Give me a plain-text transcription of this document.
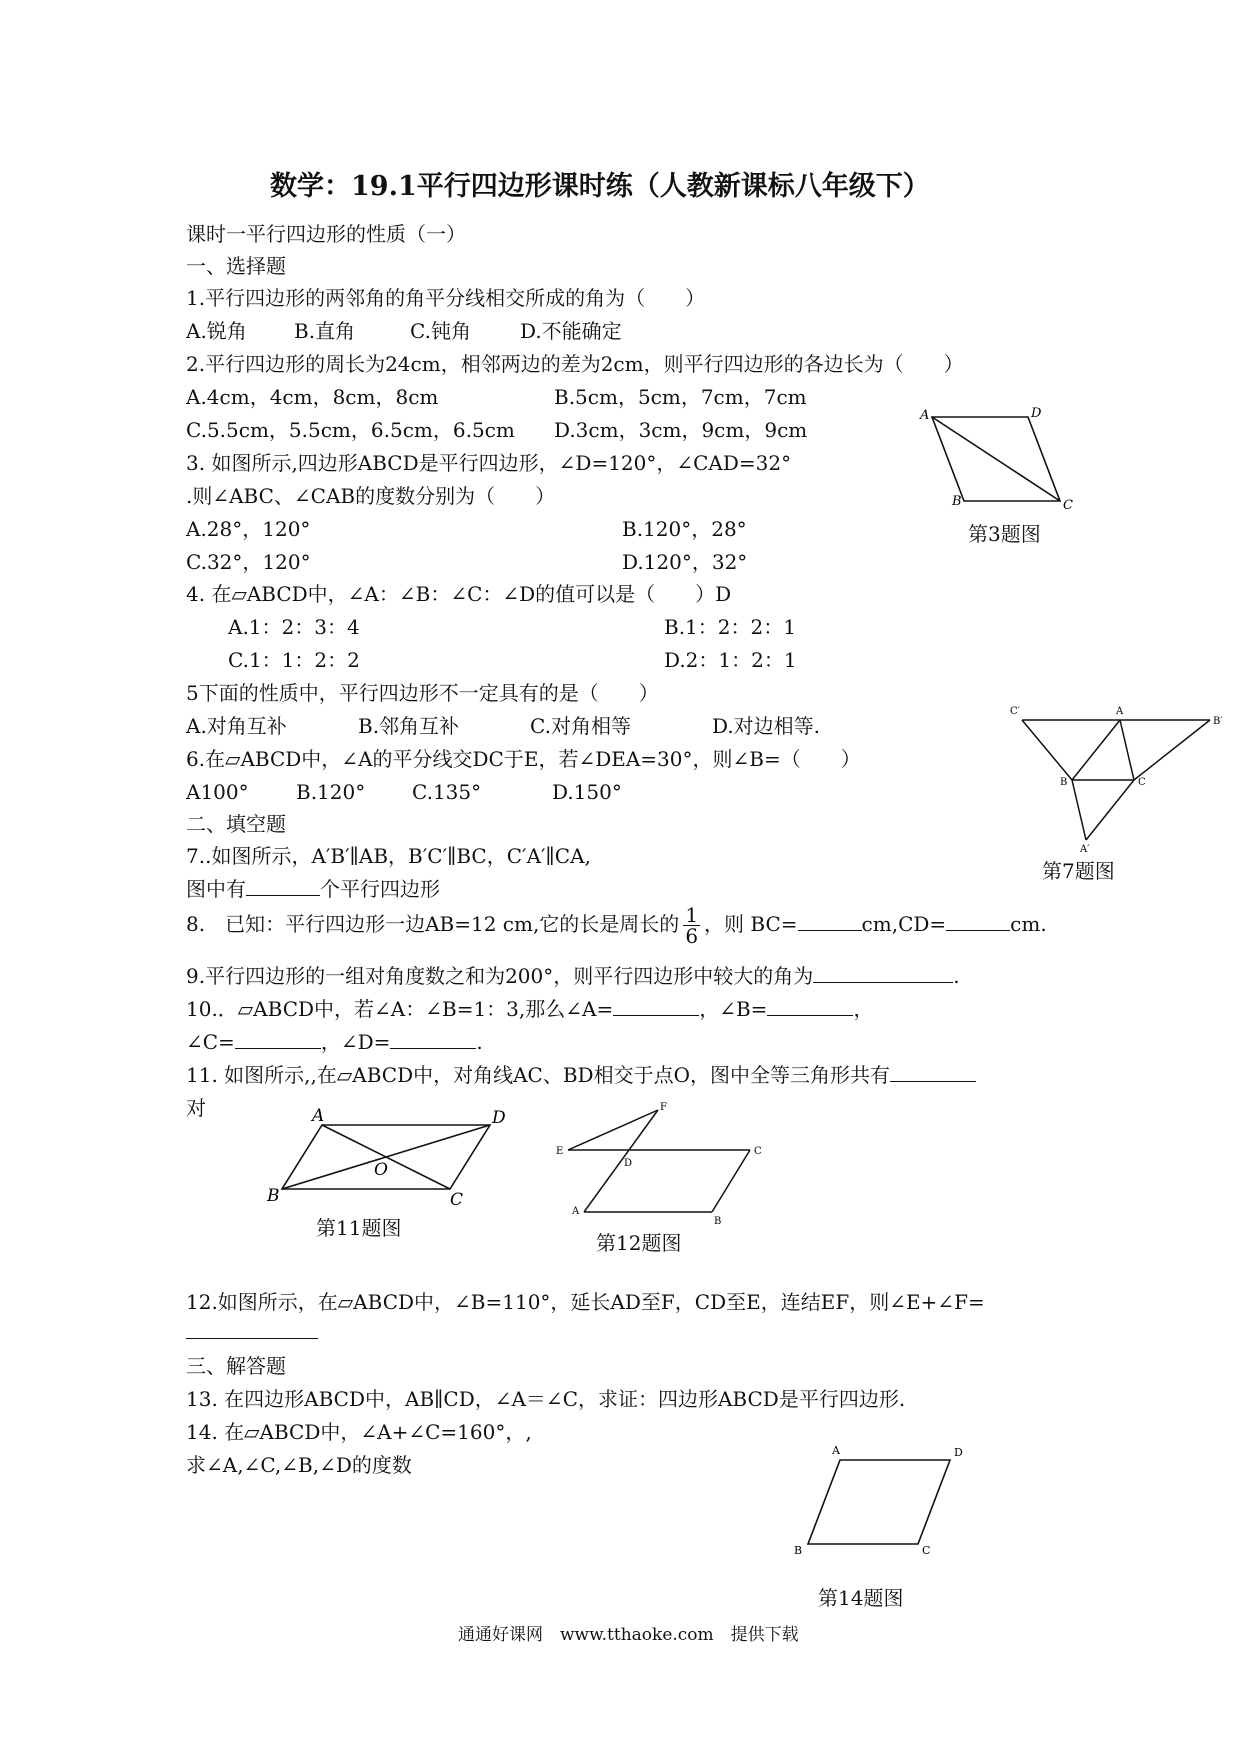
数学：19.1平行四边形课时练（人教新课标八年级下）
课时一平行四边形的性质（一）
一、选择题
1.平行四边形的两邻角的角平分线相交所成的角为（　　）
A.锐角 B.直角	C.钝角 D.不能确定
2.平行四边形的周长为24cm，相邻两边的差为2cm，则平行四边形的各边长为（　　）
A.4cm，4cm，8cm，8cm	B.5cm，5cm，7cm，7cm
C.5.5cm，5.5cm，6.5cm，6.5cm D.3cm，3cm，9cm，9cm
3. 如图所示,四边形ABCD是平行四边形，∠D=120°，∠CAD=32°
.则∠ABC、∠CAB的度数分别为（　　）
A.28°，120°	B.120°，28°
C.32°，120°	D.120°，32°
A	D
B	C
第3题图
4. 在▱ABCD中，∠A：∠B：∠C：∠D的值可以是（　　）D
A.1：2：3：4	B.1：2：2：1
C.1：1：2：2	D.2：1：2：1
5下面的性质中，平行四边形不一定具有的是（　　）
A.对角互补	B.邻角互补	C.对角相等	D.对边相等.
6.在▱ABCD中，∠A的平分线交DC于E，若∠DEA=30°，则∠B=（　　）
A100° B.120° C.135°	D.150°
C′	A
B′
B	C
A′
第7题图
二、填空题
7..如图所示，A′B′∥AB，B′C′∥BC，C′A′∥CA,
图中有	个平行四边形
8.　已知：平行四边形一边AB=12 cm,它的长是周长的 $\frac{1}{6}$ ，则 BC=	cm,CD=	cm.
9.平行四边形的一组对角度数之和为200°，则平行四边形中较大的角为	.
10.．▱ABCD中，若∠A：∠B=1：3,那么∠A=	，∠B=	，
∠C=	，∠D=	.
11. 如图所示,,在▱ABCD中，对角线AC、BD相交于点O，图中全等三角形共有
对	A	D
B	C
O
第11题图
F
E	C
D
A
B
第12题图
12.如图所示，在▱ABCD中，∠B=110°，延长AD至F，CD至E，连结EF，则∠E+∠F=
三、解答题
13. 在四边形ABCD中，AB∥CD，∠A＝∠C，求证：四边形ABCD是平行四边形.
14. 在▱ABCD中，∠A+∠C=160°，,
求∠A,∠C,∠B,∠D的度数
A	D
B	C
第14题图
通通好课网　www.tthaoke.com　提供下载
